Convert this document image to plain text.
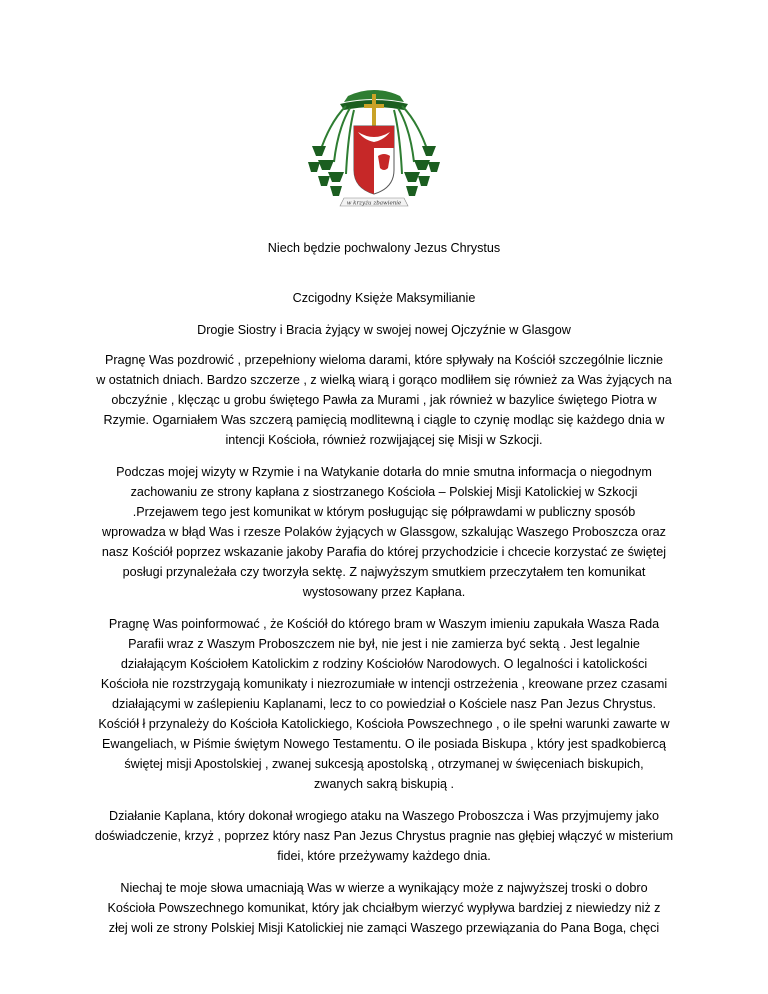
w krzyżu zbawienie
Niech będzie pochwalony Jezus Chrystus
Czcigodny Księże Maksymilianie
Drogie Siostry i Bracia żyjący w swojej nowej Ojczyźnie w Glasgow
Pragnę Was pozdrowić , przepełniony wieloma darami, które spływały na Kościół szczególnie licznie
w ostatnich dniach. Bardzo szczerze , z wielką wiarą i gorąco modliłem się również za Was żyjących na
obczyźnie , klęcząc u grobu świętego Pawła za Murami , jak również w bazylice świętego Piotra w
Rzymie. Ogarniałem Was szczerą pamięcią modlitewną i ciągle to czynię modląc się każdego dnia w
intencji Kościoła, również rozwijającej się Misji w Szkocji.
Podczas mojej wizyty w Rzymie i na Watykanie dotarła do mnie smutna informacja o niegodnym
zachowaniu ze strony kapłana z siostrzanego Kościoła – Polskiej Misji Katolickiej w Szkocji
.Przejawem tego jest komunikat w którym posługując się półprawdami w publiczny sposób
wprowadza w błąd Was i rzesze Polaków żyjących w Glassgow, szkalując Waszego Proboszcza oraz
nasz Kościół poprzez wskazanie jakoby Parafia do której przychodzicie i chcecie korzystać ze świętej
posługi przynależała czy tworzyła sektę. Z najwyższym smutkiem przeczytałem ten komunikat
wystosowany przez Kapłana.
Pragnę Was poinformować , że Kościół do którego bram w Waszym imieniu zapukała Wasza Rada
Parafii wraz z Waszym Proboszczem nie był, nie jest i nie zamierza być sektą . Jest legalnie
działającym Kościołem Katolickim z rodziny Kościołów Narodowych. O legalności i katolickości
Kościoła nie rozstrzygają komunikaty i niezrozumiałe w intencji ostrzeżenia , kreowane przez czasami
działającymi w zaślepieniu Kaplanami, lecz to co powiedział o Kościele nasz Pan Jezus Chrystus.
Kościół ł przynależy do Kościoła Katolickiego, Kościoła Powszechnego , o ile spełni warunki zawarte w
Ewangeliach, w Piśmie świętym Nowego Testamentu. O ile posiada Biskupa , który jest spadkobiercą
świętej misji Apostolskiej , zwanej sukcesją apostolską , otrzymanej w święceniach biskupich,
zwanych sakrą biskupią .
Działanie Kaplana, który dokonał wrogiego ataku na Waszego Proboszcza i Was przyjmujemy jako
doświadczenie, krzyż , poprzez który nasz Pan Jezus Chrystus pragnie nas głębiej włączyć w misterium
fidei, które przeżywamy każdego dnia.
Niechaj te moje słowa umacniają Was w wierze a wynikający może z najwyższej troski o dobro
Kościoła Powszechnego komunikat, który jak chciałbym wierzyć wypływa bardziej z niewiedzy niż z
złej woli ze strony Polskiej Misji Katolickiej nie zamąci Waszego przewiązania do Pana Boga, chęci
